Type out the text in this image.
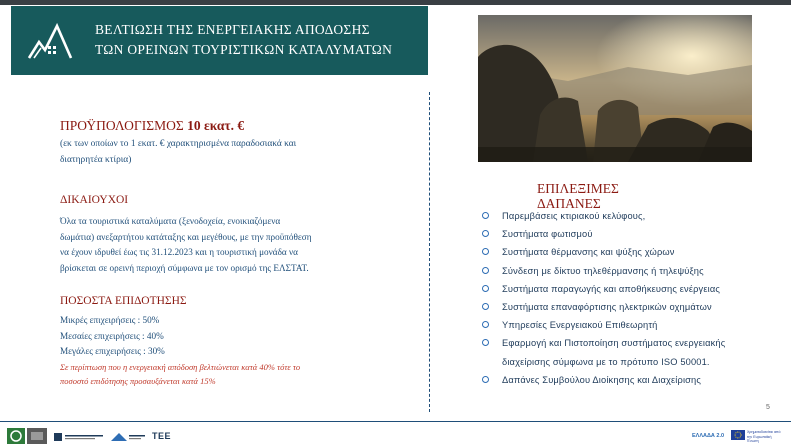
ΒΕΛΤΙΩΣΗ ΤΗΣ ΕΝΕΡΓΕΙΑΚΗΣ ΑΠΟΔΟΣΗΣ
ΤΩΝ ΟΡΕΙΝΩΝ ΤΟΥΡΙΣΤΙΚΩΝ ΚΑΤΑΛΥΜΑΤΩΝ
ΠΡΟΫΠΟΛΟΓΙΣΜΟΣ 10 εκατ. €
(εκ των οποίων το 1 εκατ. € χαρακτηρισμένα παραδοσιακά και
διατηρητέα κτίρια)
ΔΙΚΑΙΟΥΧΟΙ
Όλα τα τουριστικά καταλύματα (ξενοδοχεία, ενοικιαζόμενα
δωμάτια) ανεξαρτήτου κατάταξης και μεγέθους, με την προϋπόθεση
να έχουν ιδρυθεί έως τις 31.12.2023 και η τουριστική μονάδα να
βρίσκεται σε ορεινή περιοχή σύμφωνα με τον ορισμό της ΕΛΣΤΑΤ.
ΠΟΣΟΣΤΑ ΕΠΙΔΟΤΗΣΗΣ
Μικρές επιχειρήσεις : 50%
Μεσαίες επιχειρήσεις : 40%
Μεγάλες επιχειρήσεις : 30%
Σε περίπτωση που η ενεργειακή απόδοση βελτιώνεται κατά 40% τότε το
ποσοστό επιδότησης προσαυξάνεται κατά 15%
ΕΠΙΛΕΞΙΜΕΣ
ΔΑΠΑΝΕΣ
Παρεμβάσεις κτιριακού κελύφους,
Συστήματα φωτισμού
Συστήματα θέρμανσης και ψύξης χώρων
Σύνδεση με δίκτυο τηλεθέρμανσης ή τηλεψύξης
Συστήματα παραγωγής και αποθήκευσης ενέργειας
Συστήματα επαναφόρτισης ηλεκτρικών οχημάτων
Υπηρεσίες Ενεργειακού Επιθεωρητή
Εφαρμογή και Πιστοποίηση συστήματος ενεργειακής
διαχείρισης σύμφωνα με το πρότυπο ISO 50001.
Δαπάνες Συμβούλου Διοίκησης και Διαχείρισης
5
TEE	ΕΛΛΑΔΑ 2.0
Χρηματοδοτείται από την Ευρωπαϊκή Ένωση
